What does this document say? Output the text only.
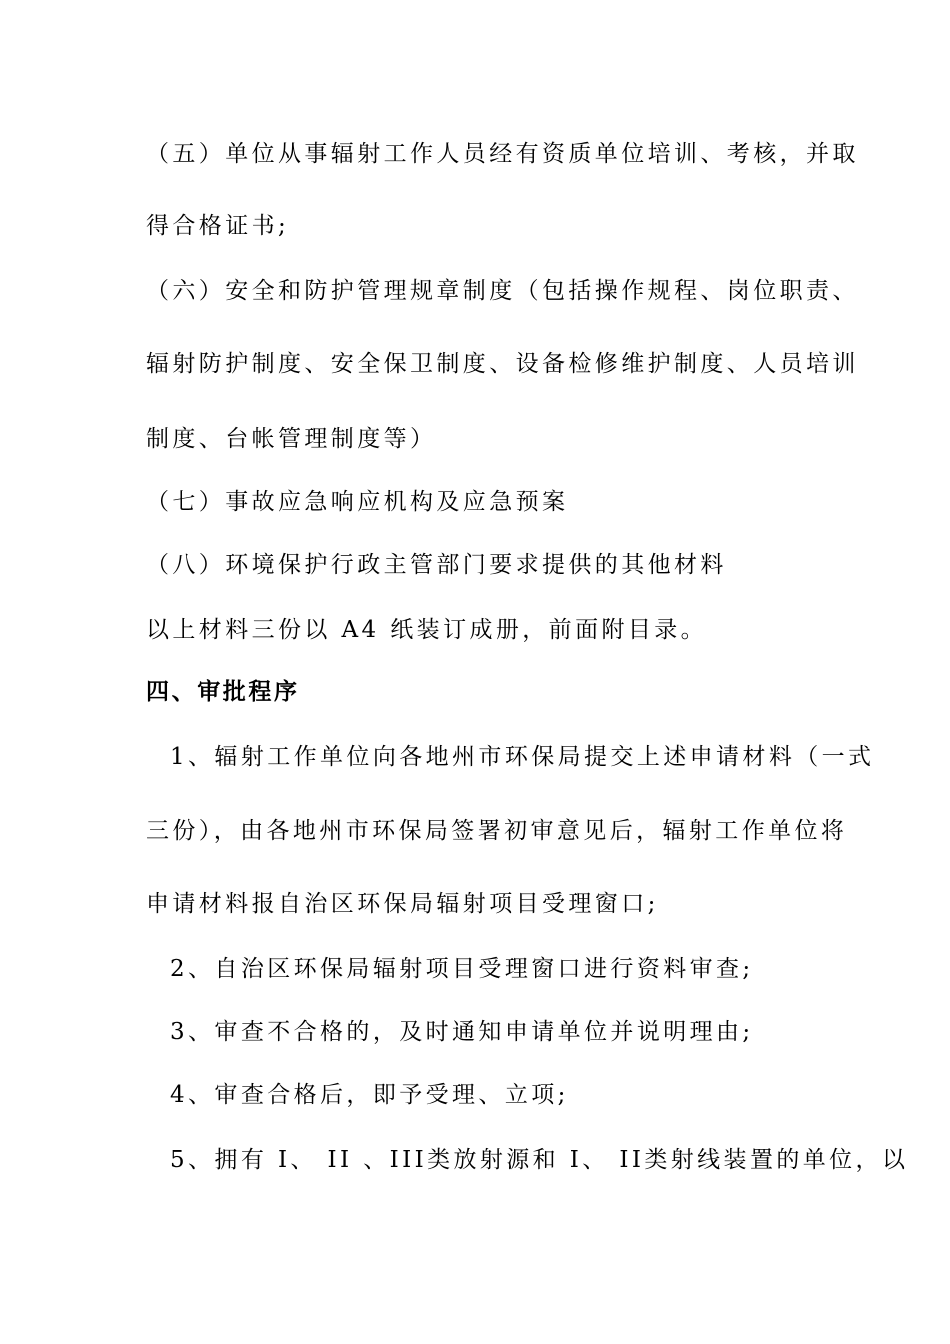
（五）单位从事辐射工作人员经有资质单位培训、考核，并取

得合格证书;

（六）安全和防护管理规章制度（包括操作规程、岗位职责、

辐射防护制度、安全保卫制度、设备检修维护制度、人员培训

制度、台帐管理制度等）

（七）事故应急响应机构及应急预案

（八）环境保护行政主管部门要求提供的其他材料

以上材料三份以 A4 纸装订成册，前面附目录。

四、审批程序

1、辐射工作单位向各地州市环保局提交上述申请材料（一式

三份），由各地州市环保局签署初审意见后，辐射工作单位将

申请材料报自治区环保局辐射项目受理窗口;

2、自治区环保局辐射项目受理窗口进行资料审查;

3、审查不合格的，及时通知申请单位并说明理由;

4、审查合格后，即予受理、立项;

5、拥有 I、 II 、III类放射源和 I、 II类射线装置的单位，以
